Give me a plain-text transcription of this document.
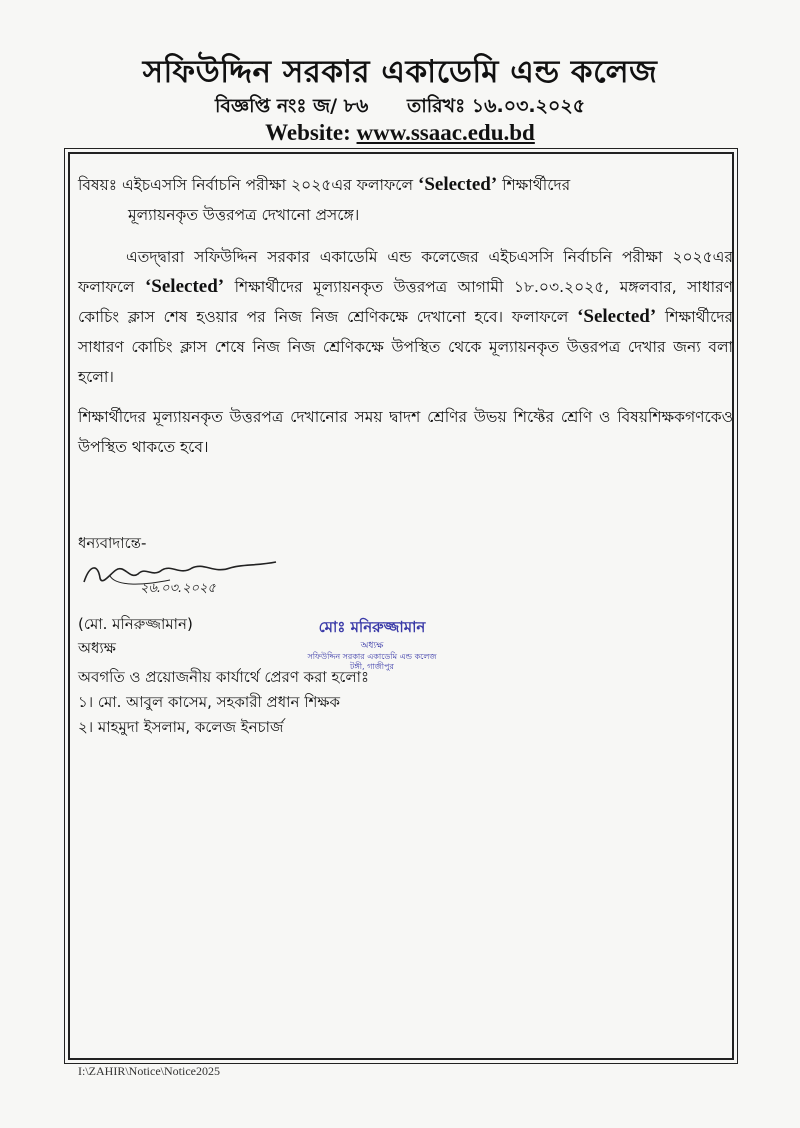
সফিউদ্দিন সরকার একাডেমি এন্ড কলেজ
বিজ্ঞপ্তি নংঃ জ/ ৮৬ তারিখঃ ১৬.০৩.২০২৫
Website: www.ssaac.edu.bd
বিষয়ঃ এইচএসসি নির্বাচনি পরীক্ষা ২০২৫এর ফলাফলে ‘Selected’ শিক্ষার্থীদের
মূল্যায়নকৃত উত্তরপত্র দেখানো প্রসঙ্গে।
এতদ্দ্বারা সফিউদ্দিন সরকার একাডেমি এন্ড কলেজের এইচএসসি নির্বাচনি পরীক্ষা ২০২৫এর ফলাফলে ‘Selected’ শিক্ষার্থীদের মূল্যায়নকৃত উত্তরপত্র আগামী ১৮.০৩.২০২৫, মঙ্গলবার, সাধারণ কোচিং ক্লাস শেষ হওয়ার পর নিজ নিজ শ্রেণিকক্ষে দেখানো হবে। ফলাফলে ‘Selected’ শিক্ষার্থীদের সাধারণ কোচিং ক্লাস শেষে নিজ নিজ শ্রেণিকক্ষে উপস্থিত থেকে মূল্যায়নকৃত উত্তরপত্র দেখার জন্য বলা হলো।
শিক্ষার্থীদের মূল্যায়নকৃত উত্তরপত্র দেখানোর সময় দ্বাদশ শ্রেণির উভয় শিফ্টের শ্রেণি ও বিষয়শিক্ষকগণকেও উপস্থিত থাকতে হবে।
ধন্যবাদান্তে-
২৬.০৩.২০২৫
(মো. মনিরুজ্জামান)
অধ্যক্ষ
মোঃ মনিরুজ্জামান
অধ্যক্ষ
সফিউদ্দিন সরকার একাডেমি এন্ড কলেজ
টঙ্গী, গাজীপুর
অবগতি ও প্রয়োজনীয় কার্যার্থে প্রেরণ করা হলোঃ
১। মো. আবুল কাসেম, সহকারী প্রধান শিক্ষক
২। মাহমুদা ইসলাম, কলেজ ইনচার্জ
I:\ZAHIR\Notice\Notice2025
